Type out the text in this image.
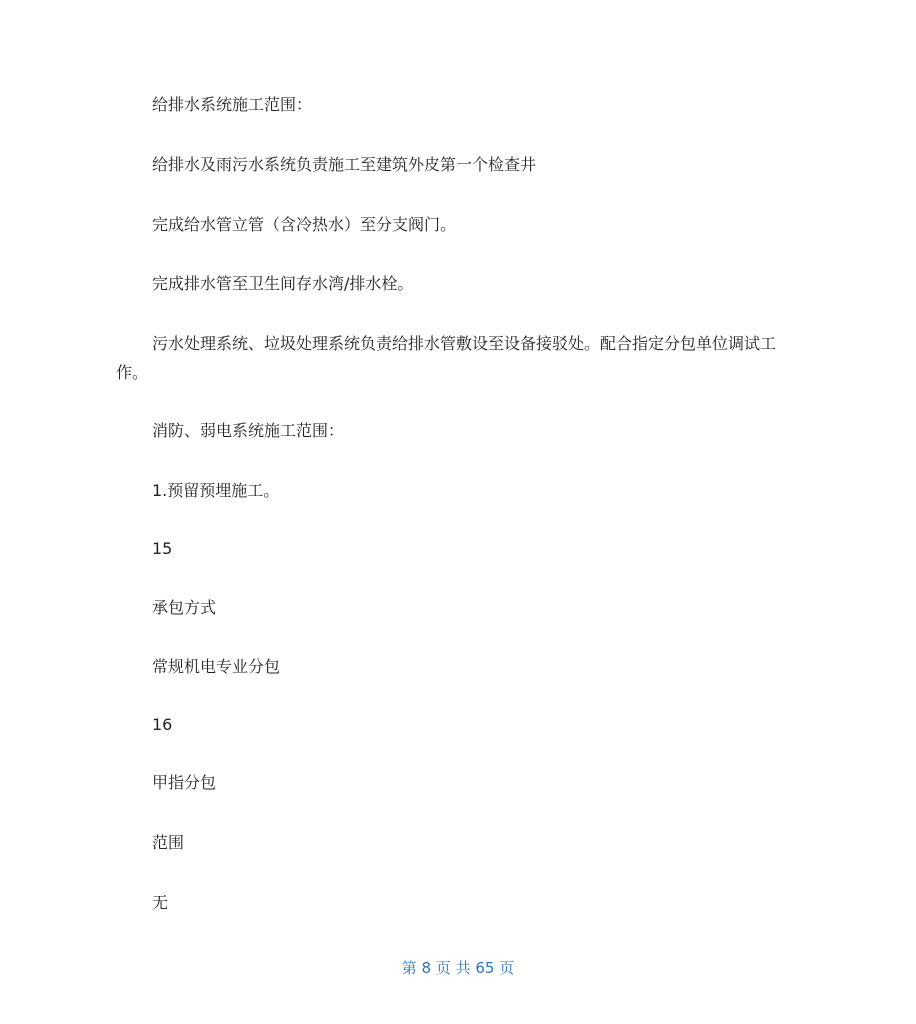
给排水系统施工范围：

给排水及雨污水系统负责施工至建筑外皮第一个检查井

完成给水管立管（含冷热水）至分支阀门。

完成排水管至卫生间存水湾/排水栓。

污水处理系统、垃圾处理系统负责给排水管敷设至设备接驳处。配合指定分包单位调试工作。

消防、弱电系统施工范围：

1.预留预埋施工。

15

承包方式

常规机电专业分包

16

甲指分包

范围

无

第 8 页 共 65 页
